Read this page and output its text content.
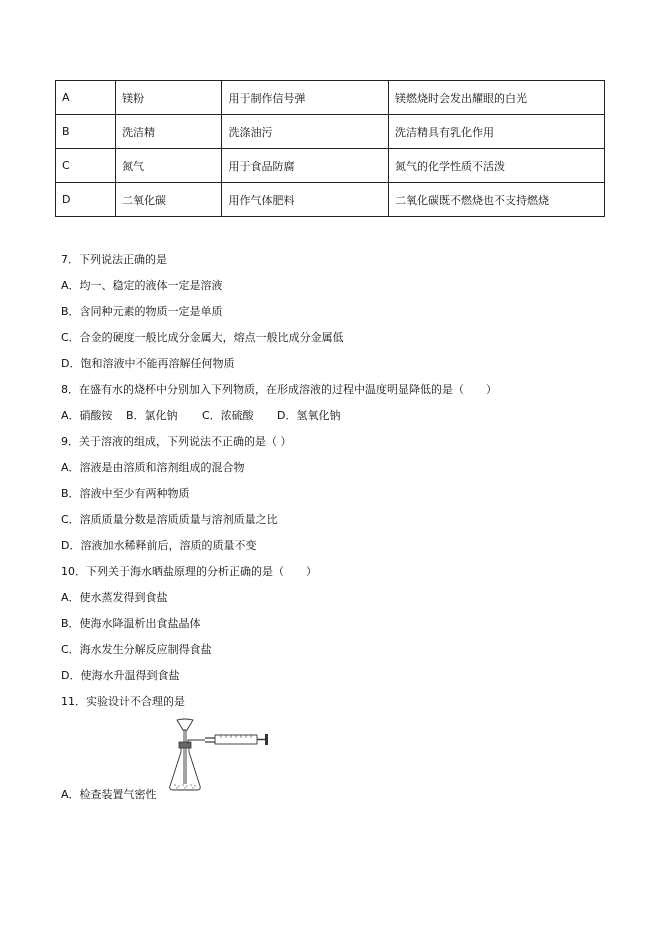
A	镁粉	用于制作信号弹	镁燃烧时会发出耀眼的白光
B	洗洁精	洗涤油污	洗洁精具有乳化作用
C	氮气	用于食品防腐	氮气的化学性质不活泼
D	二氧化碳	用作气体肥料	二氧化碳既不燃烧也不支持燃烧
7．下列说法正确的是
A．均一、稳定的液体一定是溶液
B．含同种元素的物质一定是单质
C．合金的硬度一般比成分金属大，熔点一般比成分金属低
D．饱和溶液中不能再溶解任何物质
8．在盛有水的烧杯中分别加入下列物质，在形成溶液的过程中温度明显降低的是（　　）
A．硝酸铵 B．氯化钠 C．浓硫酸 D．氢氧化钠
9．关于溶液的组成，下列说法不正确的是（ ）
A．溶液是由溶质和溶剂组成的混合物
B．溶液中至少有两种物质
C．溶质质量分数是溶质质量与溶剂质量之比
D．溶液加水稀释前后，溶质的质量不变
10．下列关于海水晒盐原理的分析正确的是（　　）
A．使水蒸发得到食盐
B．使海水降温析出食盐晶体
C．海水发生分解反应制得食盐
D．使海水升温得到食盐
11．实验设计不合理的是
A．检查装置气密性
